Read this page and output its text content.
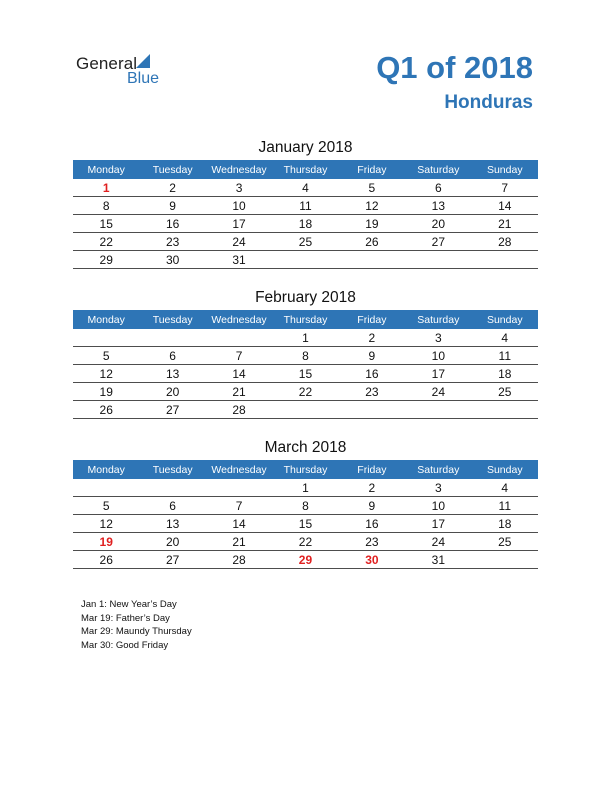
General
Blue	Q1 of 2018
Honduras
January 2018
Monday	Tuesday	Wednesday	Thursday	Friday	Saturday	Sunday
1	2	3	4	5	6	7
8	9	10	11	12	13	14
15	16	17	18	19	20	21
22	23	24	25	26	27	28
29	30	31				
February 2018
Monday	Tuesday	Wednesday	Thursday	Friday	Saturday	Sunday
			1	2	3	4
5	6	7	8	9	10	11
12	13	14	15	16	17	18
19	20	21	22	23	24	25
26	27	28				
March 2018
Monday	Tuesday	Wednesday	Thursday	Friday	Saturday	Sunday
			1	2	3	4
5	6	7	8	9	10	11
12	13	14	15	16	17	18
19	20	21	22	23	24	25
26	27	28	29	30	31	
Jan 1: New Year’s Day
Mar 19: Father’s Day
Mar 29: Maundy Thursday
Mar 30: Good Friday
